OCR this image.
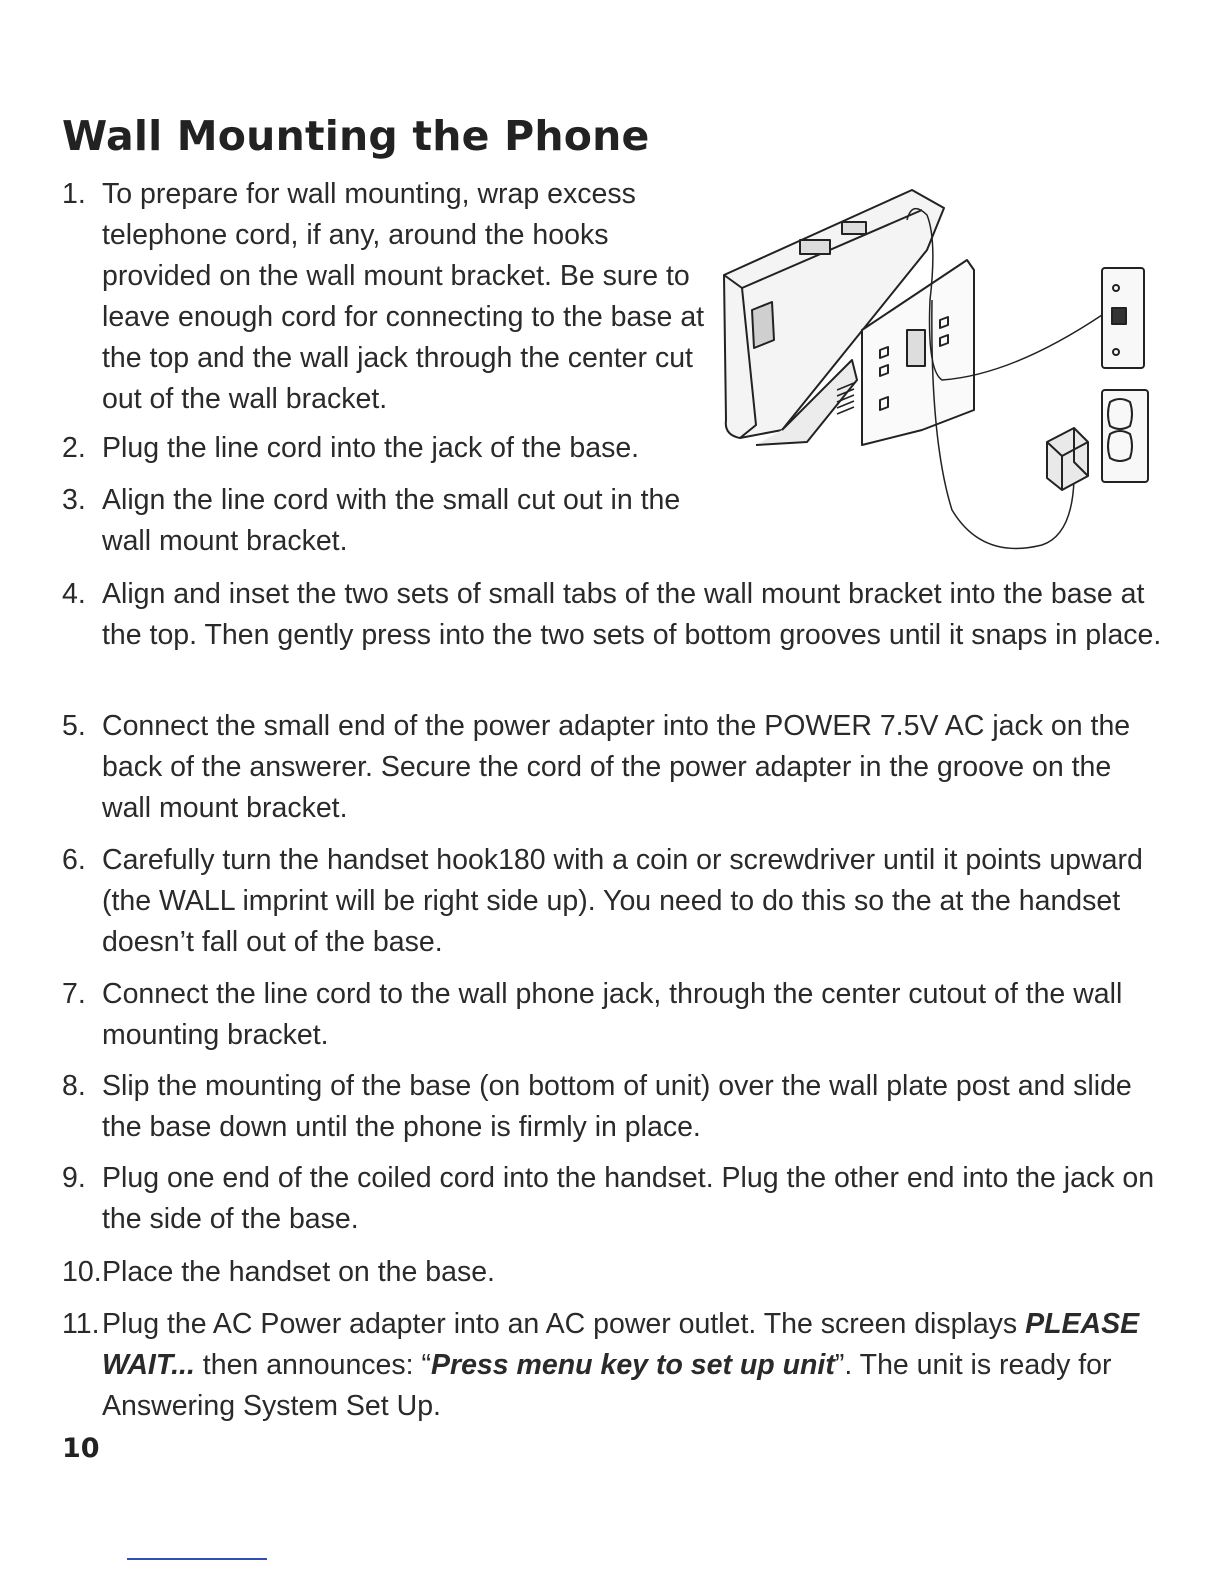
Wall Mounting the Phone
1. To prepare for wall mounting, wrap excess telephone cord, if any, around the hooks provided on the wall mount bracket. Be sure to leave enough cord for connecting to the base at the top and the wall jack through the center cut out of the wall bracket.
2. Plug the line cord into the jack of the base.
3. Align the line cord with the small cut out in the wall mount bracket.
4. Align and inset the two sets of small tabs of the wall mount bracket into the base at the top. Then gently press into the two sets of bottom grooves until it snaps in place.
5. Connect the small end of the power adapter into the POWER 7.5V AC jack on the back of the answerer. Secure the cord of the power adapter in the groove on the wall mount bracket.
6. Carefully turn the handset hook180 with a coin or screwdriver until it points upward (the WALL imprint will be right side up). You need to do this so the at the handset doesn’t fall out of the base.
7. Connect the line cord to the wall phone jack, through the center cutout of the wall mounting bracket.
8. Slip the mounting of the base (on bottom of unit) over the wall plate post and slide the base down until the phone is firmly in place.
9. Plug one end of the coiled cord into the handset. Plug the other end into the jack on the side of the base.
10. Place the handset on the base.
11. Plug the AC Power adapter into an AC power outlet. The screen displays PLEASE WAIT... then announces: “Press menu key to set up unit”. The unit is ready for Answering System Set Up.
10
